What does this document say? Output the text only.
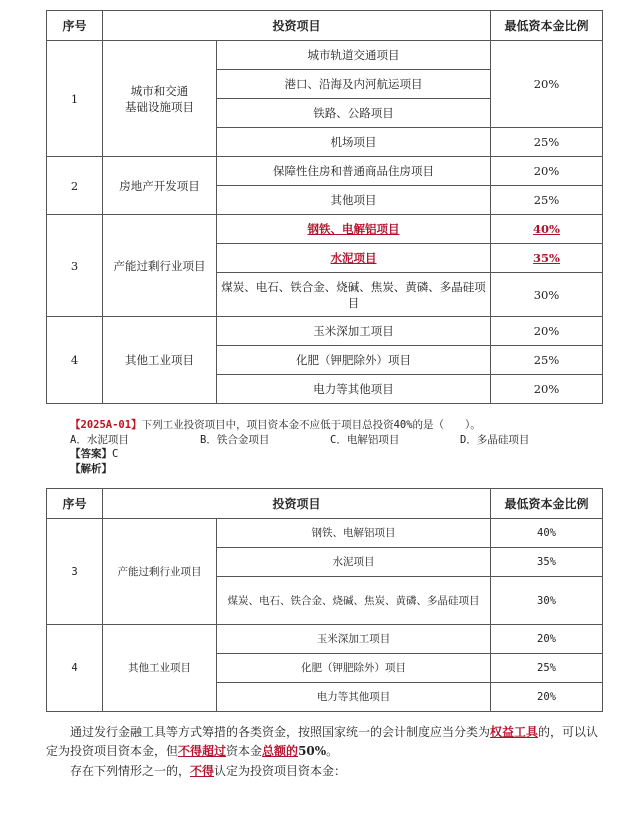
序号	投资项目		最低资本金比例
1	城市和交通
基础设施项目	城市轨道交通项目	20%
		港口、沿海及内河航运项目	
		铁路、公路项目	
		机场项目	25%
2	房地产开发项目	保障性住房和普通商品住房项目	20%
		其他项目	25%
3	产能过剩行业项目	钢铁、电解铝项目	40%
		水泥项目	35%
		煤炭、电石、铁合金、烧碱、焦炭、黄磷、多晶硅项目	30%
4	其他工业项目	玉米深加工项目	20%
		化肥（钾肥除外）项目	25%
		电力等其他项目	20%
【2025A-01】下列工业投资项目中，项目资本金不应低于项目总投资40%的是（　　）。
A．水泥项目	B．铁合金项目	C．电解铝项目	D．多晶硅项目
【答案】C
【解析】
序号	投资项目		最低资本金比例
3	产能过剩行业项目	钢铁、电解铝项目	40%
		水泥项目	35%
		煤炭、电石、铁合金、烧碱、焦炭、黄磷、多晶硅项目	30%
4	其他工业项目	玉米深加工项目	20%
		化肥（钾肥除外）项目	25%
		电力等其他项目	20%

通过发行金融工具等方式筹措的各类资金，按照国家统一的会计制度应当分类为权益工具的，可以认定为投资项目资本金，但不得超过资本金总额的50%。

存在下列情形之一的，不得认定为投资项目资本金：
